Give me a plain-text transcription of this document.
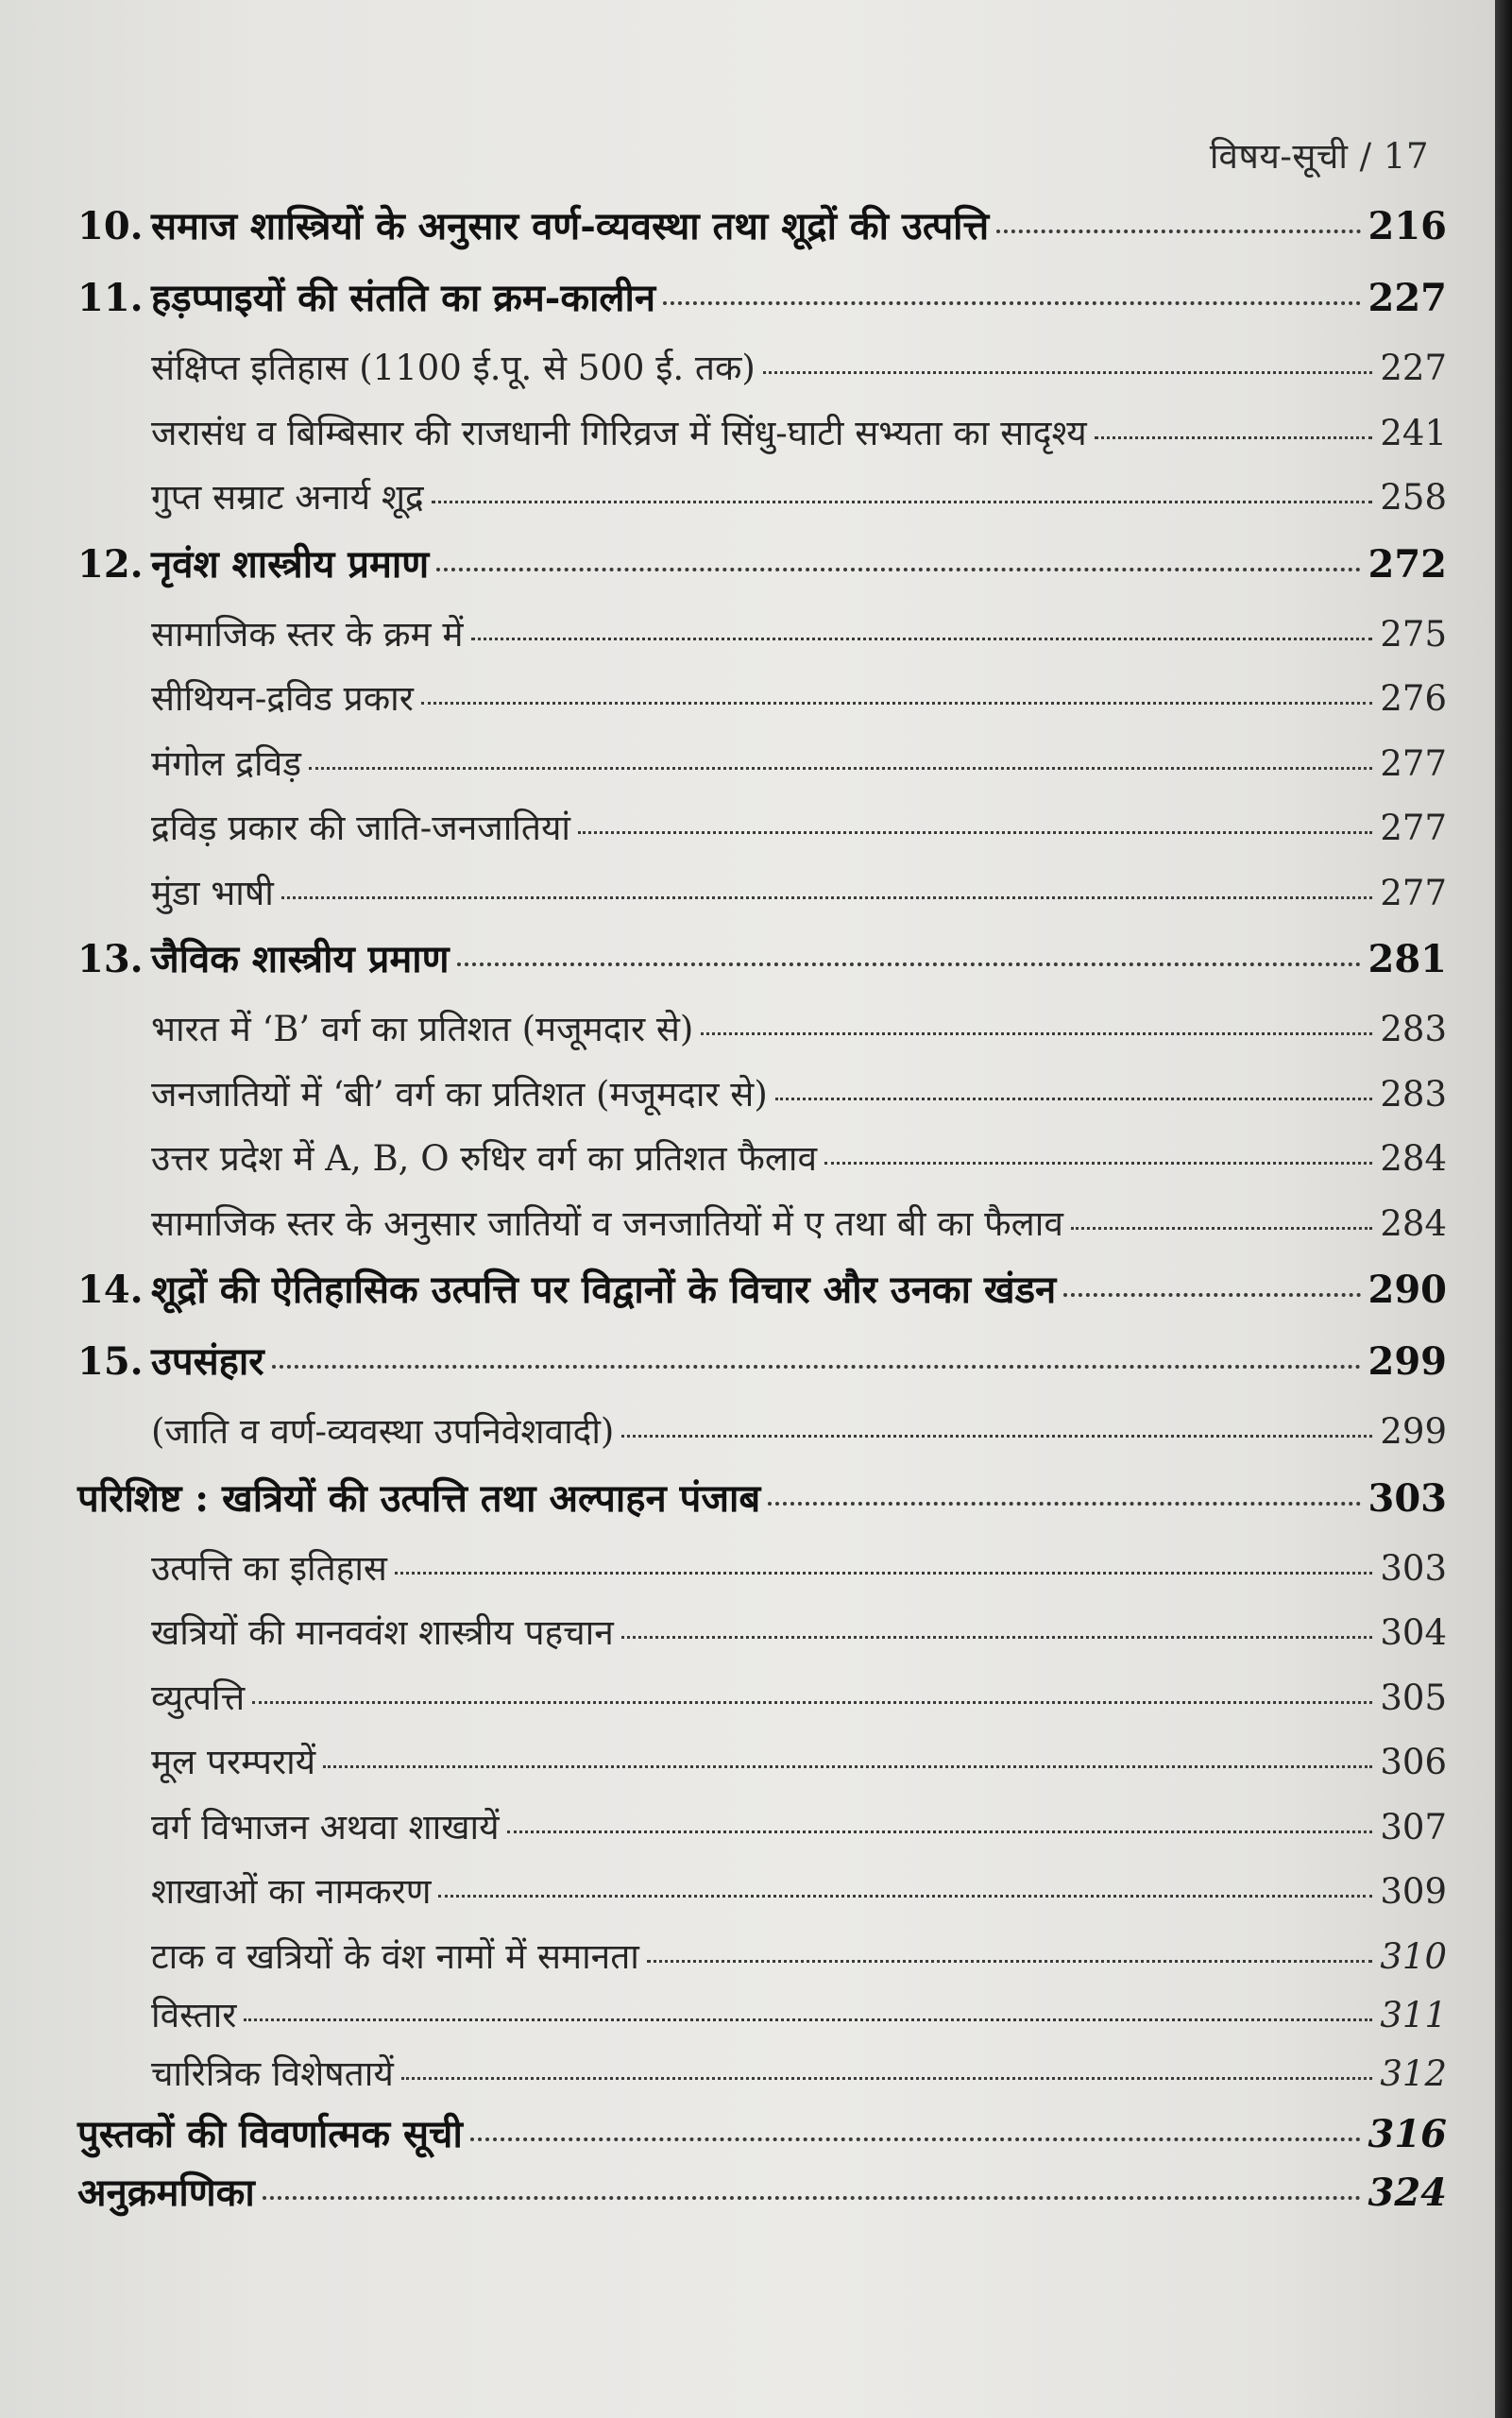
विषय-सूची / 17
10. समाज शास्त्रियों के अनुसार वर्ण-व्यवस्था तथा शूद्रों की उत्पत्ति	216
11. हड़प्पाइयों की संतति का क्रम-कालीन	227
संक्षिप्त इतिहास (1100 ई.पू. से 500 ई. तक)	227
जरासंध व बिम्बिसार की राजधानी गिरिव्रज में सिंधु-घाटी सभ्यता का सादृश्य	241
गुप्त सम्राट अनार्य शूद्र	258
12. नृवंश शास्त्रीय प्रमाण	272
सामाजिक स्तर के क्रम में	275
सीथियन-द्रविड प्रकार	276
मंगोल द्रविड़	277
द्रविड़ प्रकार की जाति-जनजातियां	277
मुंडा भाषी	277
13. जैविक शास्त्रीय प्रमाण	281
भारत में ‘B’ वर्ग का प्रतिशत (मजूमदार से)	283
जनजातियों में ‘बी’ वर्ग का प्रतिशत (मजूमदार से)	283
उत्तर प्रदेश में A, B, O रुधिर वर्ग का प्रतिशत फैलाव	284
सामाजिक स्तर के अनुसार जातियों व जनजातियों में ए तथा बी का फैलाव	284
14. शूद्रों की ऐतिहासिक उत्पत्ति पर विद्वानों के विचार और उनका खंडन	290
15. उपसंहार	299
(जाति व वर्ण-व्यवस्था उपनिवेशवादी)	299
परिशिष्ट : खत्रियों की उत्पत्ति तथा अल्पाहन पंजाब	303
उत्पत्ति का इतिहास	303
खत्रियों की मानववंश शास्त्रीय पहचान	304
व्युत्पत्ति	305
मूल परम्परायें	306
वर्ग विभाजन अथवा शाखायें	307
शाखाओं का नामकरण	309
टाक व खत्रियों के वंश नामों में समानता	310
विस्तार	311
चारित्रिक विशेषतायें	312
पुस्तकों की विवर्णात्मक सूची	316
अनुक्रमणिका	324
